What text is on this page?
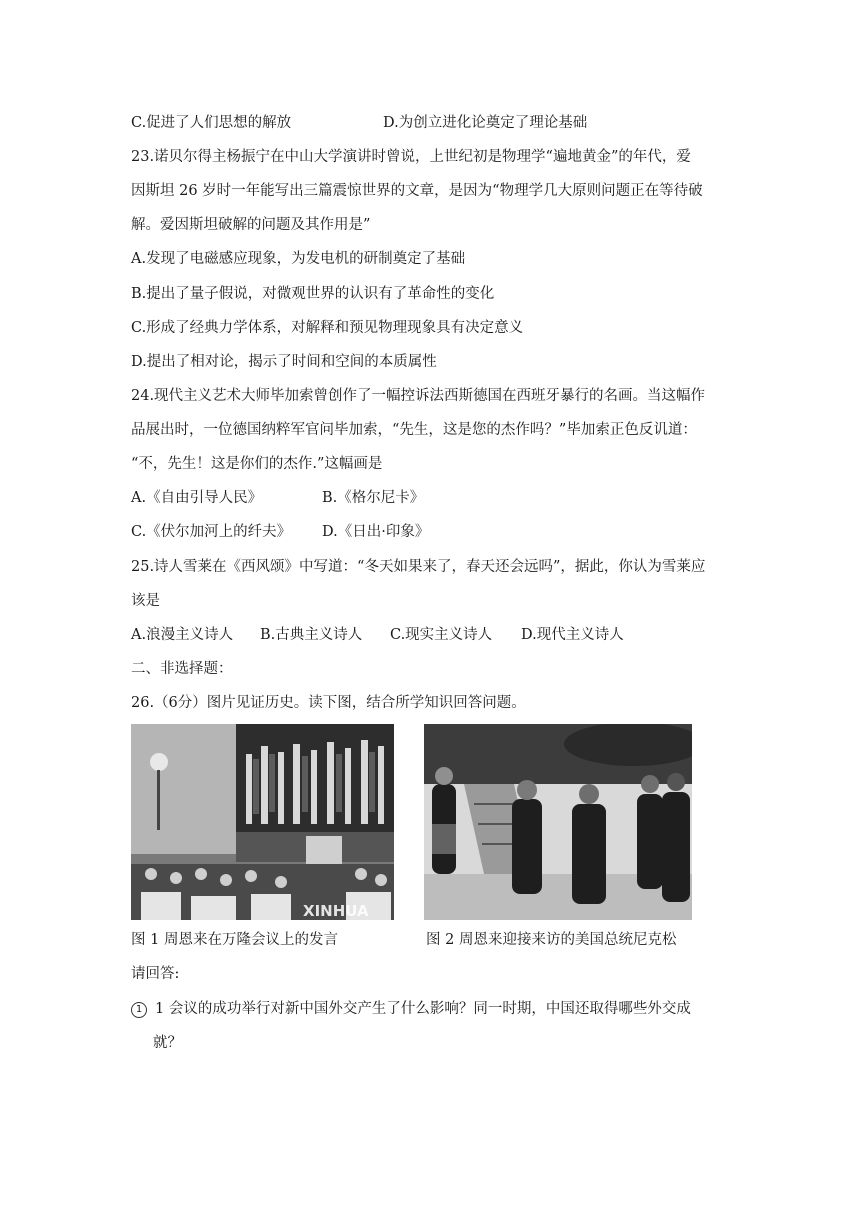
C.促进了人们思想的解放	D.为创立进化论奠定了理论基础
23.诺贝尔得主杨振宁在中山大学演讲时曾说，上世纪初是物理学“遍地黄金”的年代，爱
因斯坦 26 岁时一年能写出三篇震惊世界的文章，是因为“物理学几大原则问题正在等待破
解。爱因斯坦破解的问题及其作用是”
A.发现了电磁感应现象，为发电机的研制奠定了基础
B.提出了量子假说，对微观世界的认识有了革命性的变化
C.形成了经典力学体系，对解释和预见物理现象具有决定意义
D.提出了相对论，揭示了时间和空间的本质属性
24.现代主义艺术大师毕加索曾创作了一幅控诉法西斯德国在西班牙暴行的名画。当这幅作
品展出时，一位德国纳粹军官问毕加索，“先生，这是您的杰作吗？”毕加索正色反讥道：
“不，先生！这是你们的杰作.”这幅画是
A.《自由引导人民》	B.《格尔尼卡》
C.《伏尔加河上的纤夫》 D.《日出·印象》
25.诗人雪莱在《西风颂》中写道：“冬天如果来了，春天还会远吗”，据此，你认为雪莱应
该是
A.浪漫主义诗人 B.古典主义诗人 C.现实主义诗人 D.现代主义诗人
二、非选择题：
26.（6分）图片见证历史。读下图，结合所学知识回答问题。
XINHUA
图 1 周恩来在万隆会议上的发言	图 2 周恩来迎接来访的美国总统尼克松
请回答:
1 1 会议的成功举行对新中国外交产生了什么影响？同一时期，中国还取得哪些外交成
就？
